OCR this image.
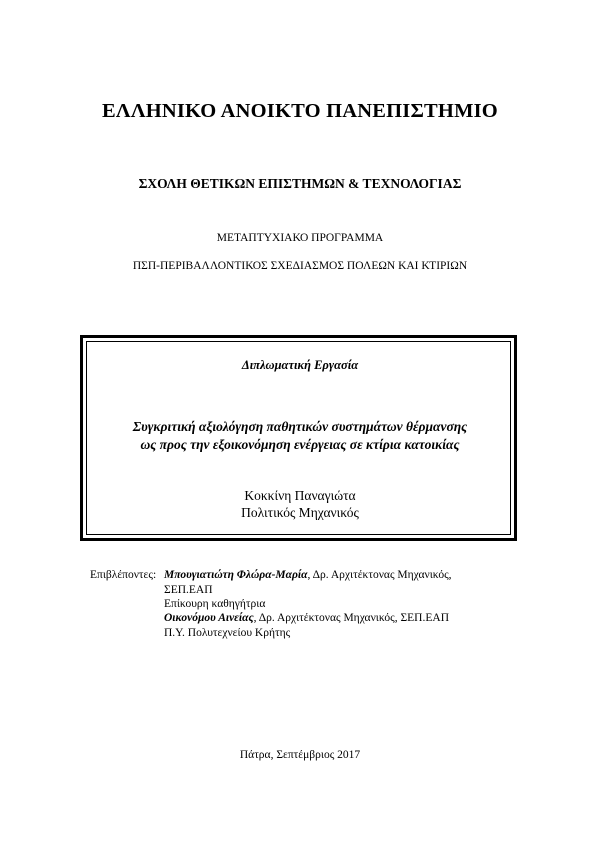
ΕΛΛΗΝΙΚΟ ΑΝΟΙΚΤΟ ΠΑΝΕΠΙΣΤΗΜΙΟ
ΣΧΟΛΗ ΘΕΤΙΚΩΝ ΕΠΙΣΤΗΜΩΝ & ΤΕΧΝΟΛΟΓΙΑΣ
ΜΕΤΑΠΤΥΧΙΑΚΟ ΠΡΟΓΡΑΜΜΑ
ΠΣΠ-ΠΕΡΙΒΑΛΛΟΝΤΙΚΟΣ ΣΧΕΔΙΑΣΜΟΣ ΠΟΛΕΩΝ ΚΑΙ ΚΤΙΡΙΩΝ
Διπλωματική Εργασία
Συγκριτική αξιολόγηση παθητικών συστημάτων θέρμανσης
ως προς την εξοικονόμηση ενέργειας σε κτίρια κατοικίας
Κοκκίνη Παναγιώτα
Πολιτικός Μηχανικός
Επιβλέποντες: Μπουγιατιώτη Φλώρα-Μαρία, Δρ. Αρχιτέκτονας Μηχανικός,
ΣΕΠ.ΕΑΠ
Επίκουρη καθηγήτρια
Οικονόμου Αινείας, Δρ. Αρχιτέκτονας Μηχανικός, ΣΕΠ.ΕΑΠ
Π.Υ. Πολυτεχνείου Κρήτης
Πάτρα, Σεπτέμβριος 2017
